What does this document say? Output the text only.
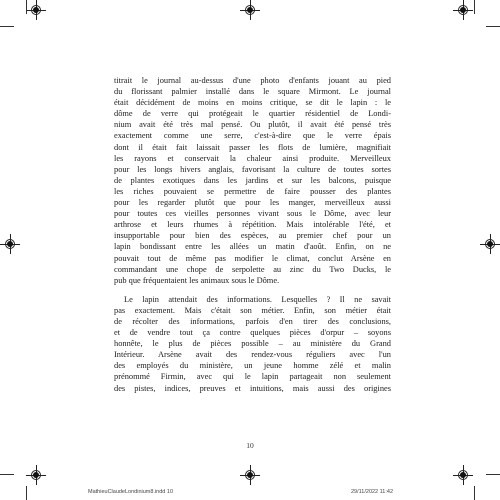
titrait le journal au-dessus d'une photo d'enfants jouant au pied
du florissant palmier installé dans le square Mirmont. Le journal
était décidément de moins en moins critique, se dit le lapin : le
dôme de verre qui protégeait le quartier résidentiel de Londi-
nium avait été très mal pensé. Ou plutôt, il avait été pensé très
exactement comme une serre, c'est-à-dire que le verre épais
dont il était fait laissait passer les flots de lumière, magnifiait
les rayons et conservait la chaleur ainsi produite. Merveilleux
pour les longs hivers anglais, favorisant la culture de toutes sortes
de plantes exotiques dans les jardins et sur les balcons, puisque
les riches pouvaient se permettre de faire pousser des plantes
pour les regarder plutôt que pour les manger, merveilleux aussi
pour toutes ces vieilles personnes vivant sous le Dôme, avec leur
arthrose et leurs rhumes à répétition. Mais intolérable l'été, et
insupportable pour bien des espèces, au premier chef pour un
lapin bondissant entre les allées un matin d'août. Enfin, on ne
pouvait tout de même pas modifier le climat, conclut Arsène en
commandant une chope de serpolette au zinc du Two Ducks, le
pub que fréquentaient les animaux sous le Dôme.

Le lapin attendait des informations. Lesquelles ? Il ne savait
pas exactement. Mais c'était son métier. Enfin, son métier était
de récolter des informations, parfois d'en tirer des conclusions,
et de vendre tout ça contre quelques pièces d'orpur – soyons
honnête, le plus de pièces possible – au ministère du Grand
Intérieur. Arsène avait des rendez-vous réguliers avec l'un
des employés du ministère, un jeune homme zélé et malin
prénommé Firmin, avec qui le lapin partageait non seulement
des pistes, indices, preuves et intuitions, mais aussi des origines

10
MathieuClaudeLondinium8.indd 10	29/11/2022 11:42
